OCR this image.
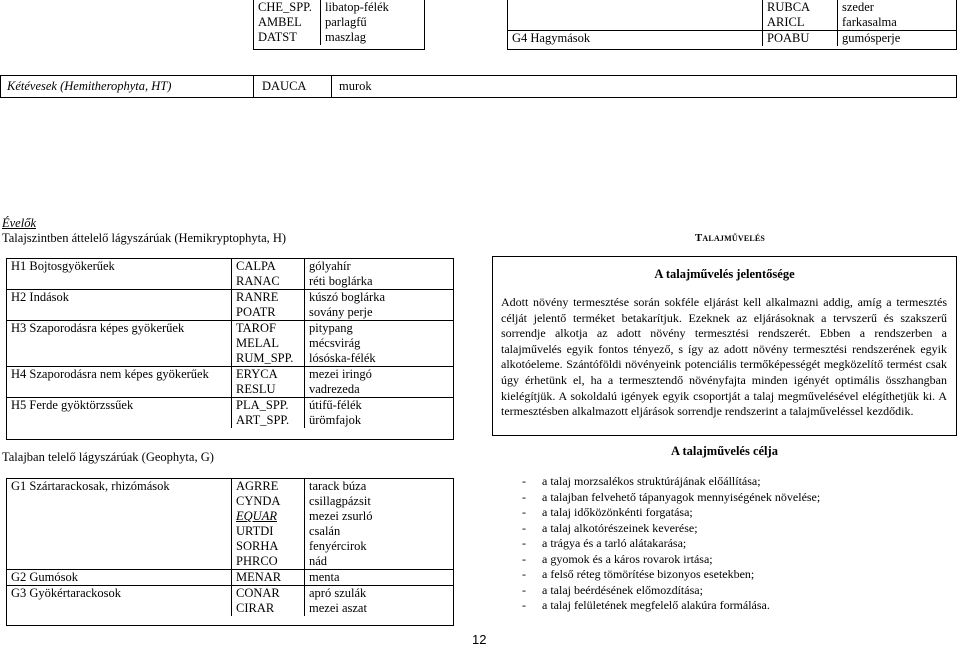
CHE_SPP.	libatop-félék
AMBEL	parlagfű
DATST	maszlag
	RUBCA	szeder
	ARICL	farkasalma
G4 Hagymások	POABU	gumósperje
Kétévesek (Hemitherophyta, HT)	DAUCA	murok
Évelők
Talajszintben áttelelő lágyszárúak (Hemikryptophyta, H)
H1 Bojtosgyökerűek	CALPA	gólyahír
	RANAC	réti boglárka
H2 Indások	RANRE	kúszó boglárka
	POATR	sovány perje
H3 Szaporodásra képes gyökerűek	TAROF	pitypang
	MELAL	mécsvirág
	RUM_SPP.	lósóska-félék
H4 Szaporodásra nem képes gyökerűek	ERYCA	mezei iringó
	RESLU	vadrezeda
H5 Ferde gyöktörzssűek	PLA_SPP.	útifű-félék
	ART_SPP.	ürömfajok
Talajban telelő lágyszárúak (Geophyta, G)
G1 Szártarackosak, rhizómások	AGRRE	tarack búza
	CYNDA	csillagpázsit
	EQUAR	mezei zsurló
	URTDI	csalán
	SORHA	fenyércirok
	PHRCO	nád
G2 Gumósok	MENAR	menta
G3 Gyökértarackosok	CONAR	apró szulák
	CIRAR	mezei aszat
Talajművelés
A talajművelés jelentősége
Adott növény termesztése során sokféle eljárást kell alkalmazni addig, amíg a termesztés célját jelentő terméket betakarítjuk. Ezeknek az eljárásoknak a tervszerű és szakszerű sorrendje alkotja az adott növény termesztési rendszerét. Ebben a rendszerben a talajművelés egyik fontos tényező, s így az adott növény termesztési rendszerének egyik alkotóeleme. Szántóföldi növényeink potenciális termőképességét megközelítő termést csak úgy érhetünk el, ha a termesztendő növényfajta minden igényét optimális összhangban kielégítjük. A sokoldalú igények egyik csoportját a talaj megművelésével elégíthetjük ki. A termesztésben alkalmazott eljárások sorrendje rendszerint a talajműveléssel kezdődik.
A talajművelés célja
- a talaj morzsalékos struktúrájának előállítása;
- a talajban felvehető tápanyagok mennyiségének növelése;
- a talaj időközönkénti forgatása;
- a talaj alkotórészeinek keverése;
- a trágya és a tarló alátakarása;
- a gyomok és a káros rovarok irtása;
- a felső réteg tömörítése bizonyos esetekben;
- a talaj beérdésének előmozdítása;
- a talaj felületének megfelelő alakúra formálása.
12
